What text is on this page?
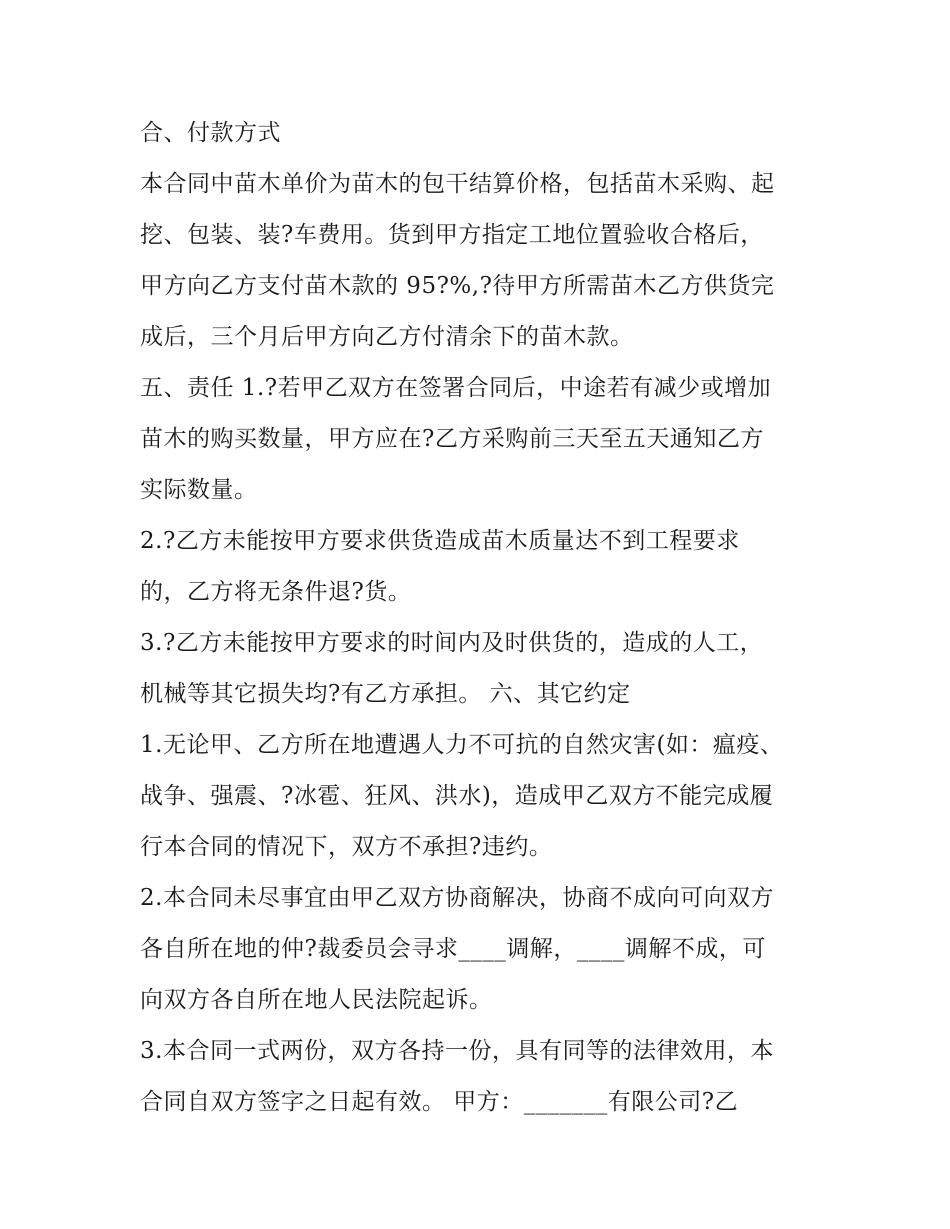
合、付款方式
本合同中苗木单价为苗木的包干结算价格，包括苗木采购、起
挖、包装、装?车费用。货到甲方指定工地位置验收合格后，
甲方向乙方支付苗木款的 95?%,?待甲方所需苗木乙方供货完
成后，三个月后甲方向乙方付清余下的苗木款。
五、责任 1.?若甲乙双方在签署合同后，中途若有减少或增加
苗木的购买数量，甲方应在?乙方采购前三天至五天通知乙方
实际数量。
2.?乙方未能按甲方要求供货造成苗木质量达不到工程要求
的，乙方将无条件退?货。
3.?乙方未能按甲方要求的时间内及时供货的，造成的人工，
机械等其它损失均?有乙方承担。 六、其它约定
1.无论甲、乙方所在地遭遇人力不可抗的自然灾害(如：瘟疫、
战争、强震、?冰雹、狂风、洪水)，造成甲乙双方不能完成履
行本合同的情况下，双方不承担?违约。
2.本合同未尽事宜由甲乙双方协商解决，协商不成向可向双方
各自所在地的仲?裁委员会寻求____调解，____调解不成，可
向双方各自所在地人民法院起诉。
3.本合同一式两份，双方各持一份，具有同等的法律效用，本
合同自双方签字之日起有效。 甲方：_______有限公司?乙
